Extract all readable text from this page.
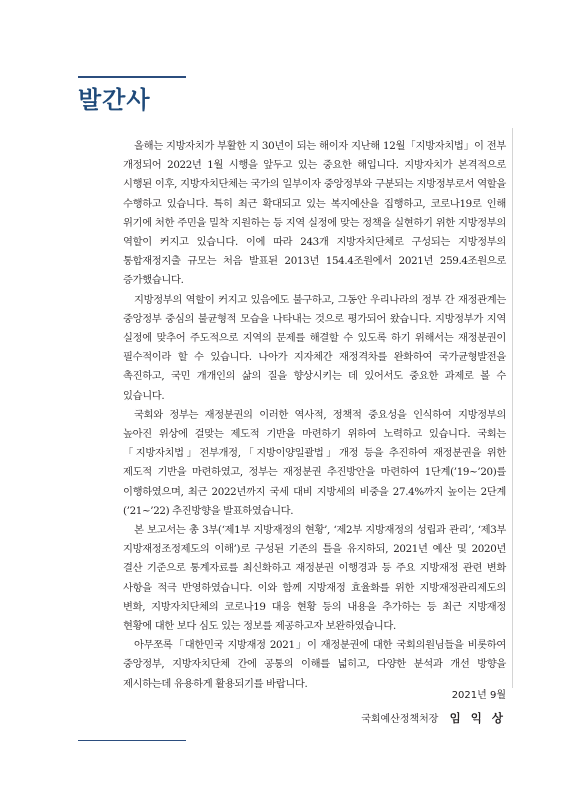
발간사

올해는 지방자치가 부활한 지 30년이 되는 해이자 지난해 12월「지방자치법」이 전부 개정되어 2022년 1월 시행을 앞두고 있는 중요한 해입니다. 지방자치가 본격적으로 시행된 이후, 지방자치단체는 국가의 일부이자 중앙정부와 구분되는 지방정부로서 역할을 수행하고 있습니다. 특히 최근 확대되고 있는 복지예산을 집행하고, 코로나19로 인해 위기에 처한 주민을 밀착 지원하는 등 지역 실정에 맞는 정책을 실현하기 위한 지방정부의 역할이 커지고 있습니다. 이에 따라 243개 지방자치단체로 구성되는 지방정부의 통합재정지출 규모는 처음 발표된 2013년 154.4조원에서 2021년 259.4조원으로 증가했습니다.

지방정부의 역할이 커지고 있음에도 불구하고, 그동안 우리나라의 정부 간 재정관계는 중앙정부 중심의 불균형적 모습을 나타내는 것으로 평가되어 왔습니다. 지방정부가 지역 실정에 맞추어 주도적으로 지역의 문제를 해결할 수 있도록 하기 위해서는 재정분권이 필수적이라 할 수 있습니다. 나아가 지자체간 재정격차를 완화하여 국가균형발전을 촉진하고, 국민 개개인의 삶의 질을 향상시키는 데 있어서도 중요한 과제로 볼 수 있습니다.

국회와 정부는 재정분권의 이러한 역사적, 정책적 중요성을 인식하여 지방정부의 높아진 위상에 걸맞는 제도적 기반을 마련하기 위하여 노력하고 있습니다. 국회는「지방자치법」전부개정,「지방이양일괄법」개정 등을 추진하여 재정분권을 위한 제도적 기반을 마련하였고, 정부는 재정분권 추진방안을 마련하여 1단계(’19~’20)를 이행하였으며, 최근 2022년까지 국세 대비 지방세의 비중을 27.4%까지 높이는 2단계(’21~’22) 추진방향을 발표하였습니다.

본 보고서는 총 3부(‘제1부 지방재정의 현황’, ‘제2부 지방재정의 성립과 관리’, ‘제3부 지방재정조정제도의 이해’)로 구성된 기존의 틀을 유지하되, 2021년 예산 및 2020년 결산 기준으로 통계자료를 최신화하고 재정분권 이행경과 등 주요 지방재정 관련 변화 사항을 적극 반영하였습니다. 이와 함께 지방재정 효율화를 위한 지방재정관리제도의 변화, 지방자치단체의 코로나19 대응 현황 등의 내용을 추가하는 등 최근 지방재정 현황에 대한 보다 심도 있는 정보를 제공하고자 보완하였습니다.

아무쪼록「대한민국 지방재정 2021」이 재정분권에 대한 국회의원님들을 비롯하여 중앙정부, 지방자치단체 간에 공통의 이해를 넓히고, 다양한 분석과 개선 방향을 제시하는데 유용하게 활용되기를 바랍니다.

2021년 9월
국회예산정책처장 임 익 상
